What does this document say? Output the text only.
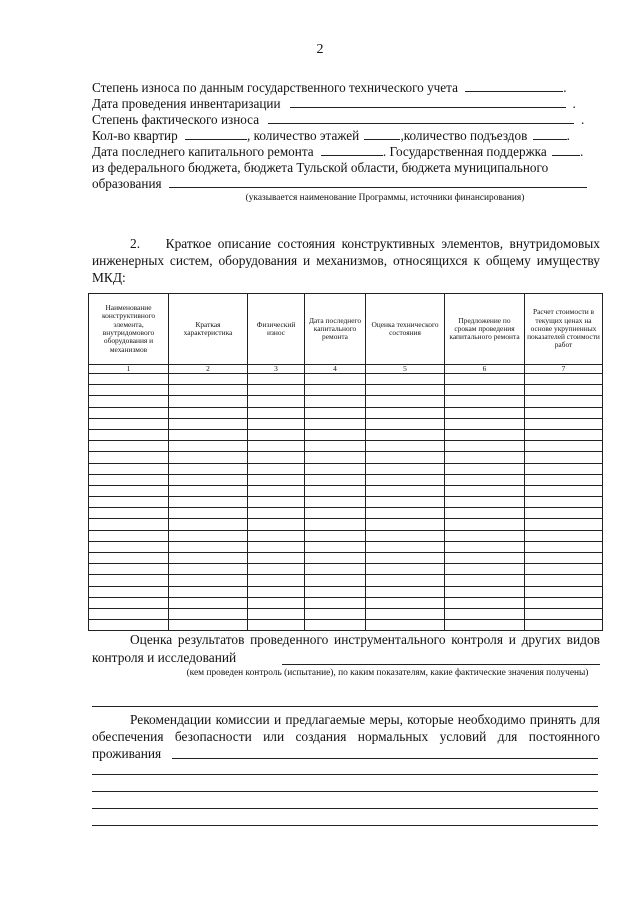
2
Степень износа по данным государственного технического учета	.
Дата проведения инвентаризации	.
Степень фактического износа	.
Кол-во квартир	, количество этажей	,количество подъездов	.
Дата последнего капитального ремонта	. Государственная поддержка	.
из федерального бюджета, бюджета Тульской области, бюджета муниципального
образования
(указывается наименование Программы, источники финансирования)
2. Краткое описание состояния конструктивных элементов, внутридомовых инженерных систем, оборудования и механизмов, относящихся к общему имуществу МКД:
Наименование конструктивного элемента, внутридомового оборудования и механизмов	Краткая характеристика	Физический износ	Дата последнего капитального ремонта	Оценка технического состояния	Предложение по срокам проведения капитального ремонта	Расчет стоимости в текущих ценах на основе укрупненных показателей стоимости работ
1	2	3	4	5	6	7

Оценка результатов проведенного инструментального контроля и других видов контроля и исследований
(кем проведен контроль (испытание), по каким показателям, какие фактические значения получены)
Рекомендации комиссии и предлагаемые меры, которые необходимо принять для обеспечения безопасности или создания нормальных условий для постоянного проживания
